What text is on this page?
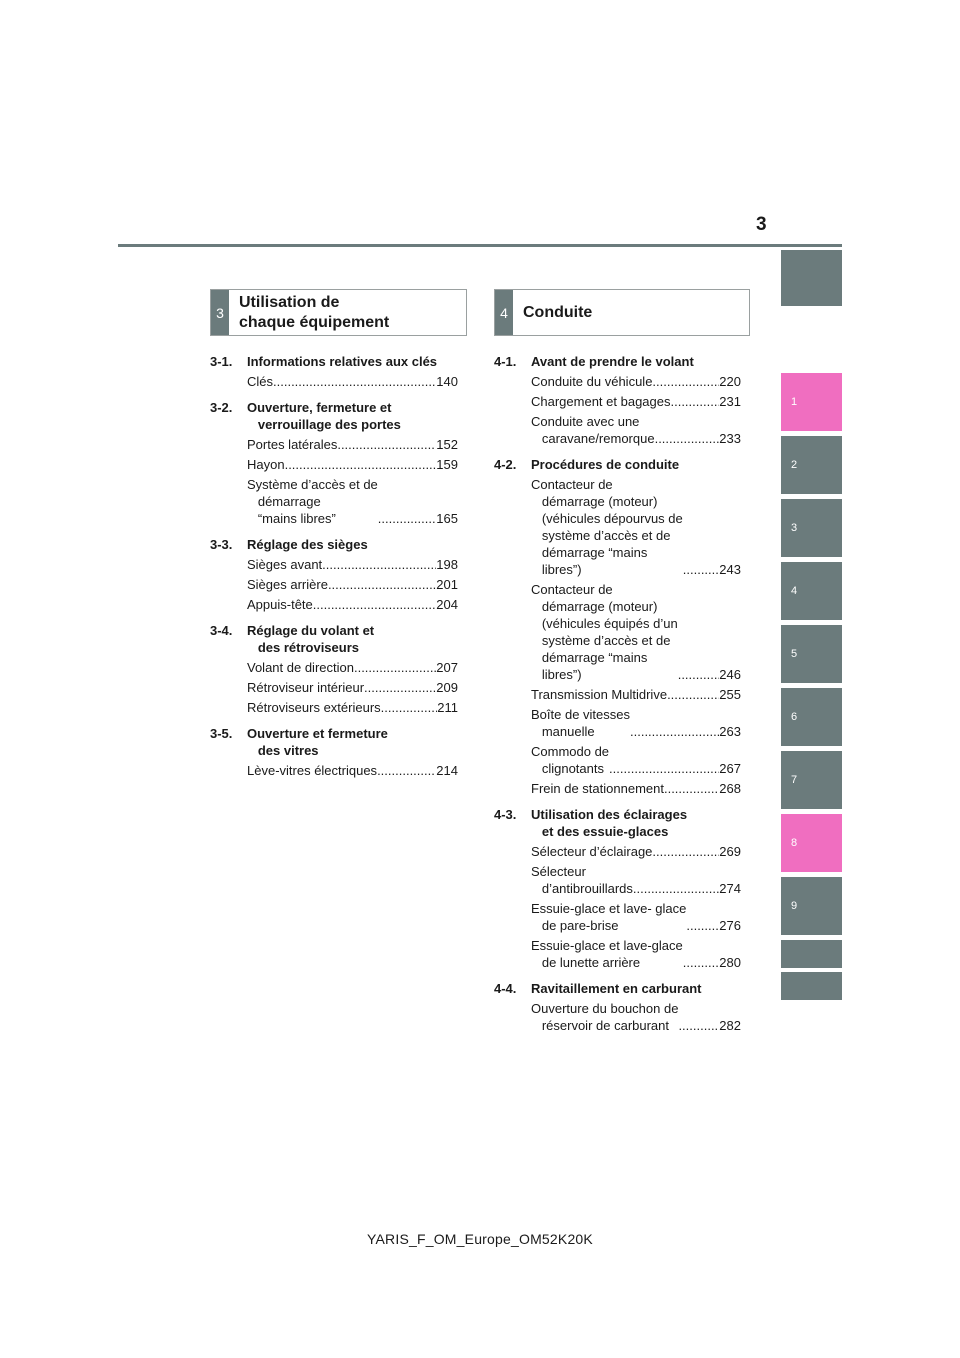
3
1
2
3
4
5
6
7
8
9
3
Utilisation de
chaque équipement
4 Conduite
3-1. Informations relatives aux clés
Clés .....	140
3-2. Ouverture, fermeture et
verrouillage des portes
Portes latérales .....	152
Hayon .....	159
Système d’accès et de
démarrage
“mains libres” .....	165
3-3. Réglage des sièges
Sièges avant .....	198
Sièges arrière .....	201
Appuis-tête .....	204
3-4. Réglage du volant et
des rétroviseurs
Volant de direction .....	207
Rétroviseur intérieur .....	209
Rétroviseurs extérieurs .....	211
3-5. Ouverture et fermeture
des vitres
Lève-vitres électriques .....	214
4-1. Avant de prendre le volant
Conduite du véhicule .....	220
Chargement et bagages .....	231
Conduite avec une
caravane/remorque .....	233
4-2. Procédures de conduite
Contacteur de
démarrage (moteur)
(véhicules dépourvus de
système d’accès et de
démarrage “mains
libres”) .....	243
Contacteur de
démarrage (moteur)
(véhicules équipés d’un
système d’accès et de
démarrage “mains
libres”) .....	246
Transmission Multidrive .....	255
Boîte de vitesses
manuelle .....	263
Commodo de
clignotants .....	267
Frein de stationnement .....	268
4-3. Utilisation des éclairages
et des essuie-glaces
Sélecteur d’éclairage .....	269
Sélecteur
d’antibrouillards .....	274
Essuie-glace et lave- glace
de pare-brise .....	276
Essuie-glace et lave-glace
de lunette arrière .....	280
4-4. Ravitaillement en carburant
Ouverture du bouchon de
réservoir de carburant .....	282
YARIS_F_OM_Europe_OM52K20K
